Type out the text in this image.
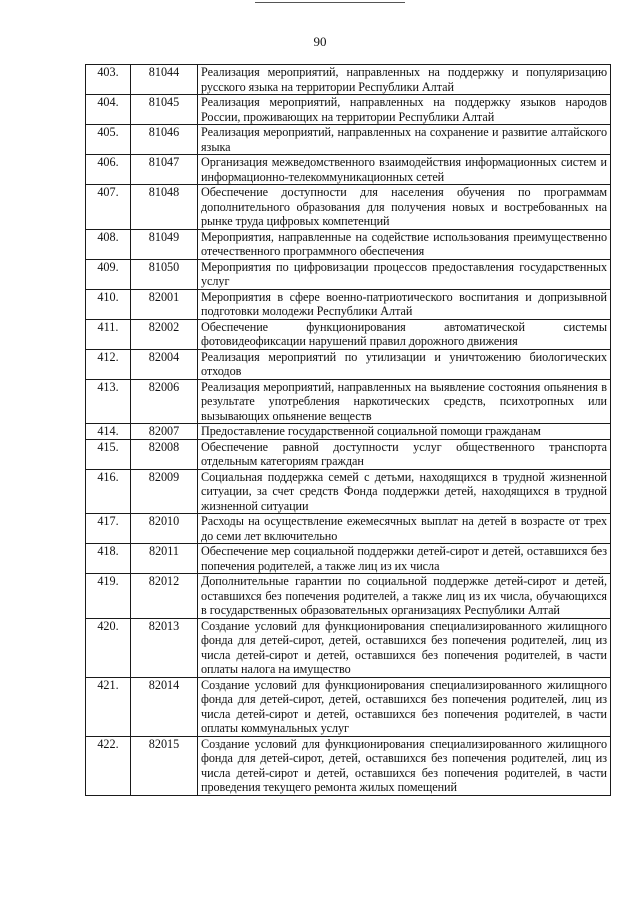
90
403.	81044	Реализация мероприятий, направленных на поддержку и популяризацию русского языка на территории Республики Алтай
404.	81045	Реализация мероприятий, направленных на поддержку языков народов России, проживающих на территории Республики Алтай
405.	81046	Реализация мероприятий, направленных на сохранение и развитие алтайского языка
406.	81047	Организация межведомственного взаимодействия информационных систем и информационно-телекоммуникационных сетей
407.	81048	Обеспечение доступности для населения обучения по программам дополнительного образования для получения новых и востребованных на рынке труда цифровых компетенций
408.	81049	Мероприятия, направленные на содействие использования преимущественно отечественного программного обеспечения
409.	81050	Мероприятия по цифровизации процессов предоставления государственных услуг
410.	82001	Мероприятия в сфере военно-патриотического воспитания и допризывной подготовки молодежи Республики Алтай
411.	82002	Обеспечение функционирования автоматической системы фотовидеофиксации нарушений правил дорожного движения
412.	82004	Реализация мероприятий по утилизации и уничтожению биологических отходов
413.	82006	Реализация мероприятий, направленных на выявление состояния опьянения в результате употребления наркотических средств, психотропных или вызывающих опьянение веществ
414.	82007	Предоставление государственной социальной помощи гражданам
415.	82008	Обеспечение равной доступности услуг общественного транспорта отдельным категориям граждан
416.	82009	Социальная поддержка семей с детьми, находящихся в трудной жизненной ситуации, за счет средств Фонда поддержки детей, находящихся в трудной жизненной ситуации
417.	82010	Расходы на осуществление ежемесячных выплат на детей в возрасте от трех до семи лет включительно
418.	82011	Обеспечение мер социальной поддержки детей-сирот и детей, оставшихся без попечения родителей, а также лиц из их числа
419.	82012	Дополнительные гарантии по социальной поддержке детей-сирот и детей, оставшихся без попечения родителей, а также лиц из их числа, обучающихся в государственных образовательных организациях Республики Алтай
420.	82013	Создание условий для функционирования специализированного жилищного фонда для детей-сирот, детей, оставшихся без попечения родителей, лиц из числа детей-сирот и детей, оставшихся без попечения родителей, в части оплаты налога на имущество
421.	82014	Создание условий для функционирования специализированного жилищного фонда для детей-сирот, детей, оставшихся без попечения родителей, лиц из числа детей-сирот и детей, оставшихся без попечения родителей, в части оплаты коммунальных услуг
422.	82015	Создание условий для функционирования специализированного жилищного фонда для детей-сирот, детей, оставшихся без попечения родителей, лиц из числа детей-сирот и детей, оставшихся без попечения родителей, в части проведения текущего ремонта жилых помещений
